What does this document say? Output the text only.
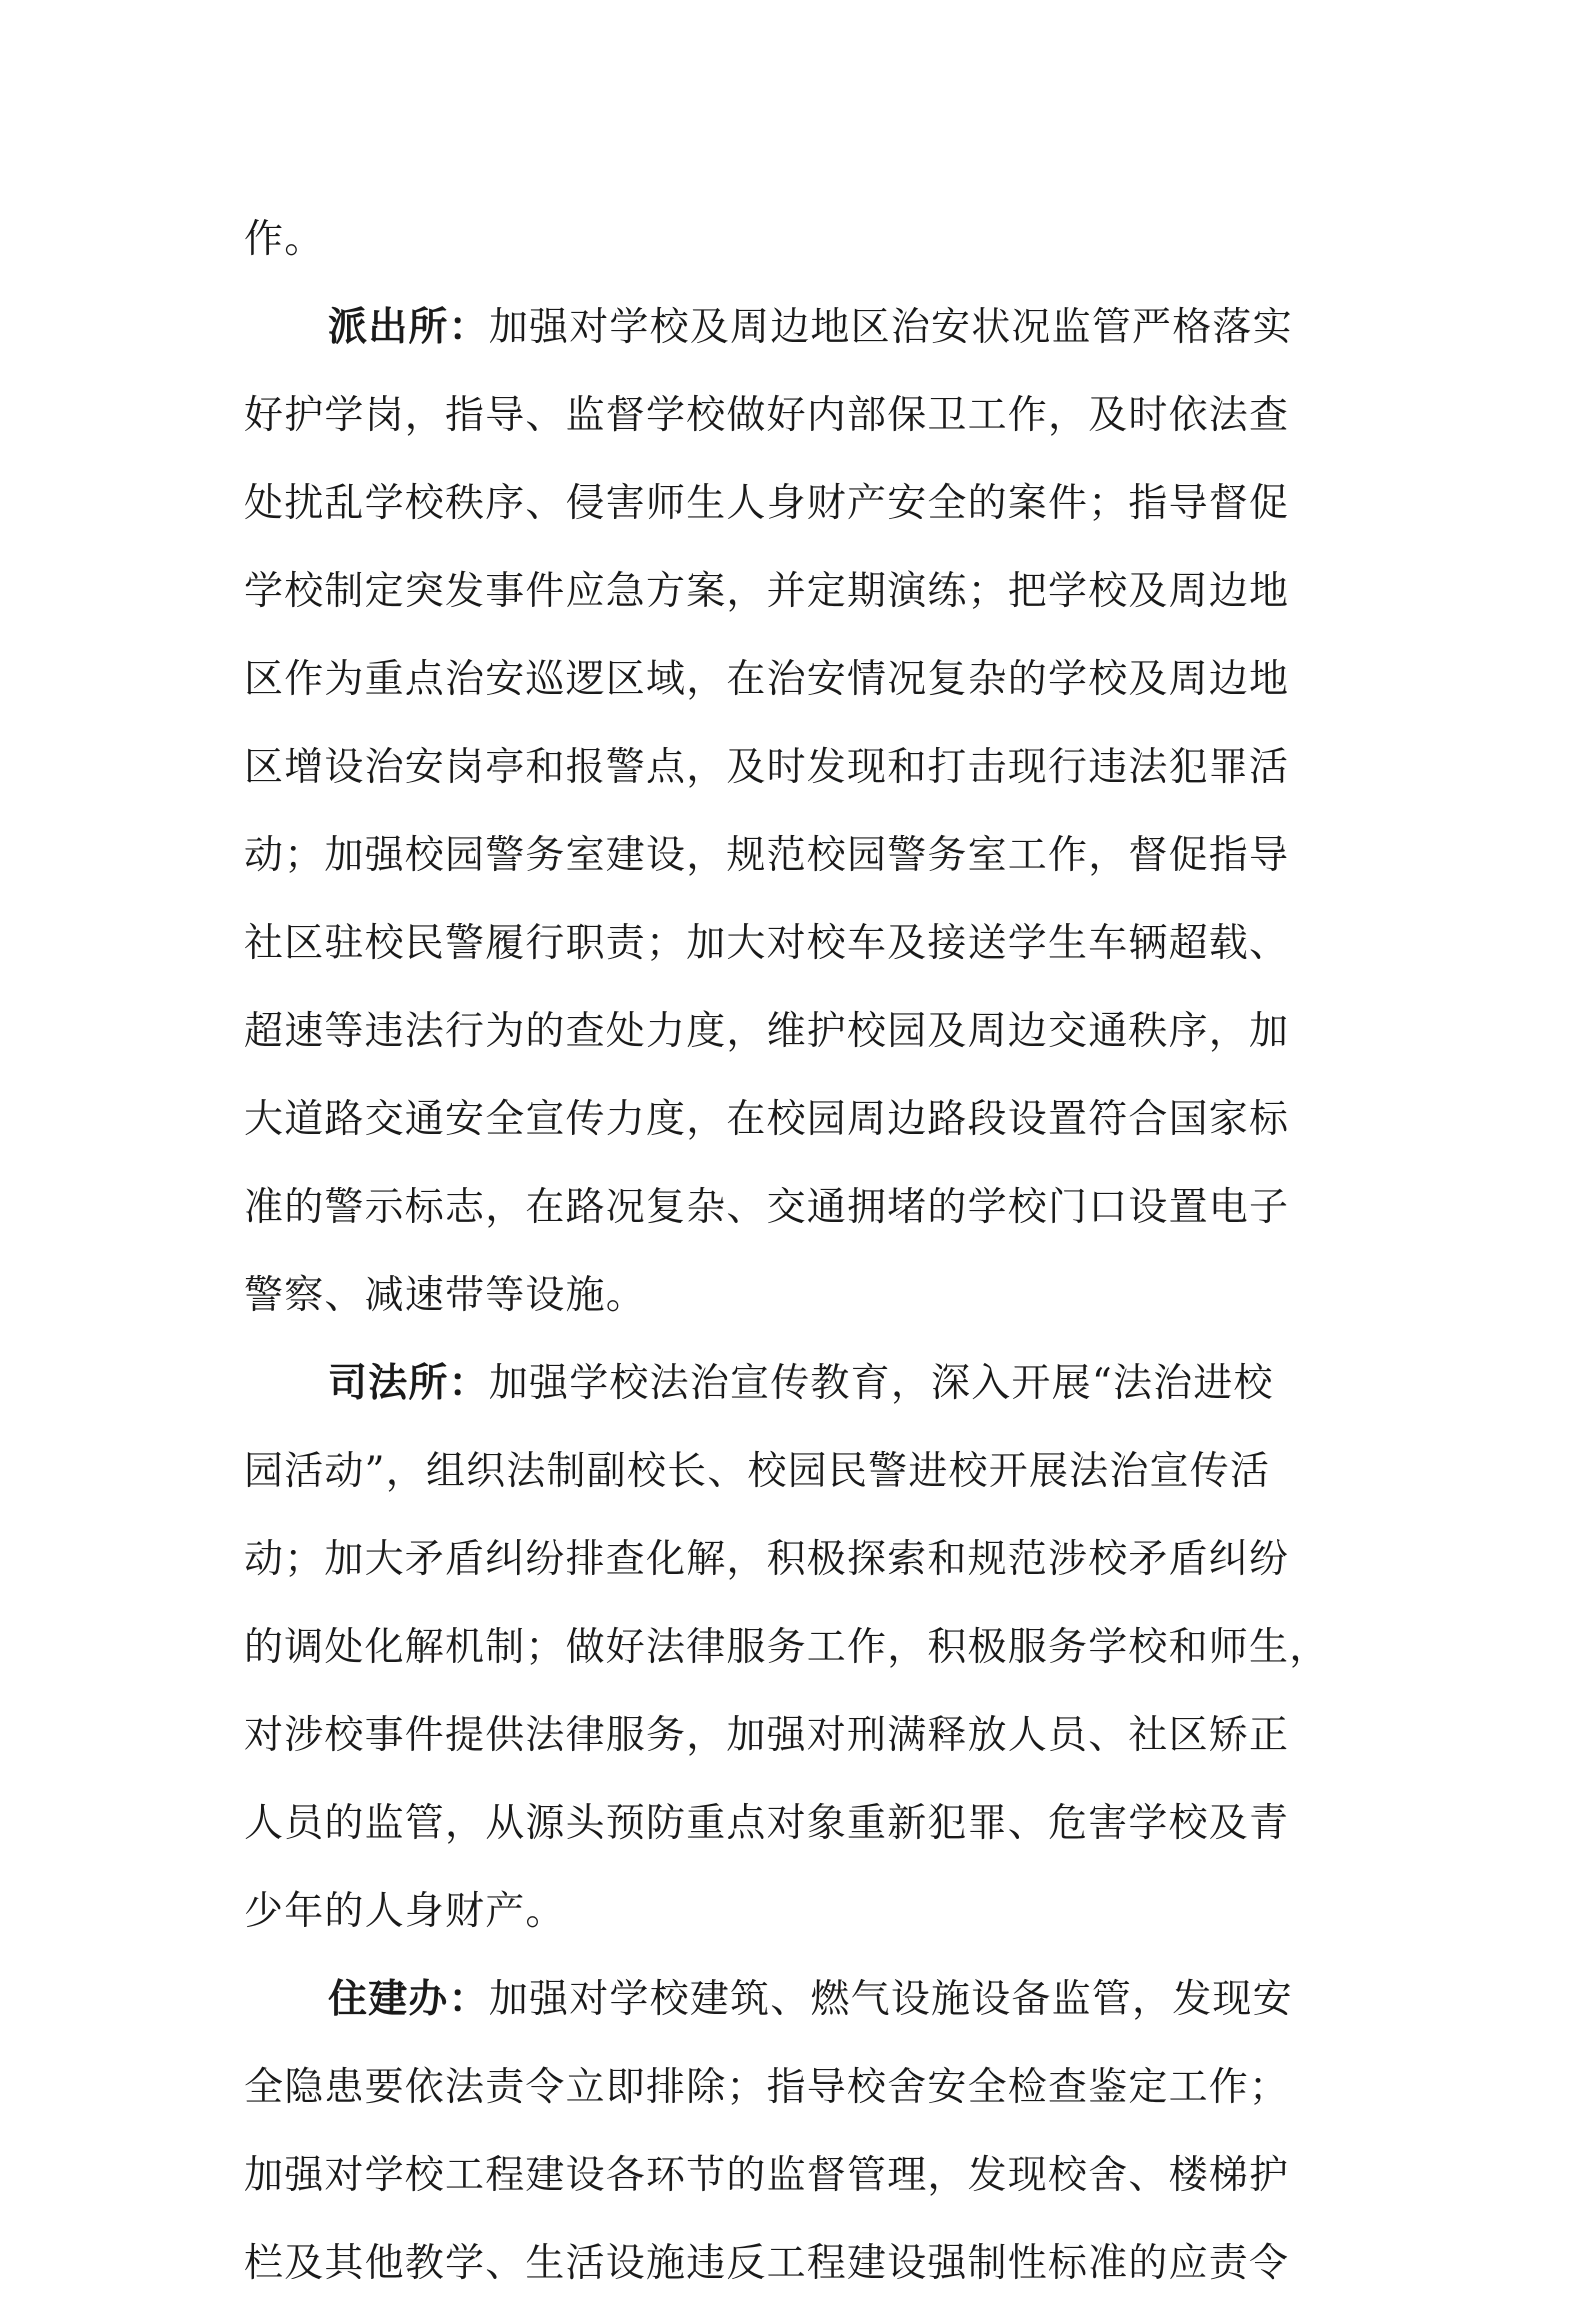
作。
派出所：加强对学校及周边地区治安状况监管严格落实
好护学岗，指导、监督学校做好内部保卫工作，及时依法查
处扰乱学校秩序、侵害师生人身财产安全的案件；指导督促
学校制定突发事件应急方案，并定期演练；把学校及周边地
区作为重点治安巡逻区域，在治安情况复杂的学校及周边地
区增设治安岗亭和报警点，及时发现和打击现行违法犯罪活
动；加强校园警务室建设，规范校园警务室工作，督促指导
社区驻校民警履行职责；加大对校车及接送学生车辆超载、
超速等违法行为的查处力度，维护校园及周边交通秩序，加
大道路交通安全宣传力度，在校园周边路段设置符合国家标
准的警示标志，在路况复杂、交通拥堵的学校门口设置电子
警察、减速带等设施。
司法所：加强学校法治宣传教育，深入开展“法治进校
园活动”，组织法制副校长、校园民警进校开展法治宣传活
动；加大矛盾纠纷排查化解，积极探索和规范涉校矛盾纠纷
的调处化解机制；做好法律服务工作，积极服务学校和师生，
对涉校事件提供法律服务，加强对刑满释放人员、社区矫正
人员的监管，从源头预防重点对象重新犯罪、危害学校及青
少年的人身财产。
住建办：加强对学校建筑、燃气设施设备监管，发现安
全隐患要依法责令立即排除；指导校舍安全检查鉴定工作；
加强对学校工程建设各环节的监督管理，发现校舍、楼梯护
栏及其他教学、生活设施违反工程建设强制性标准的应责令
